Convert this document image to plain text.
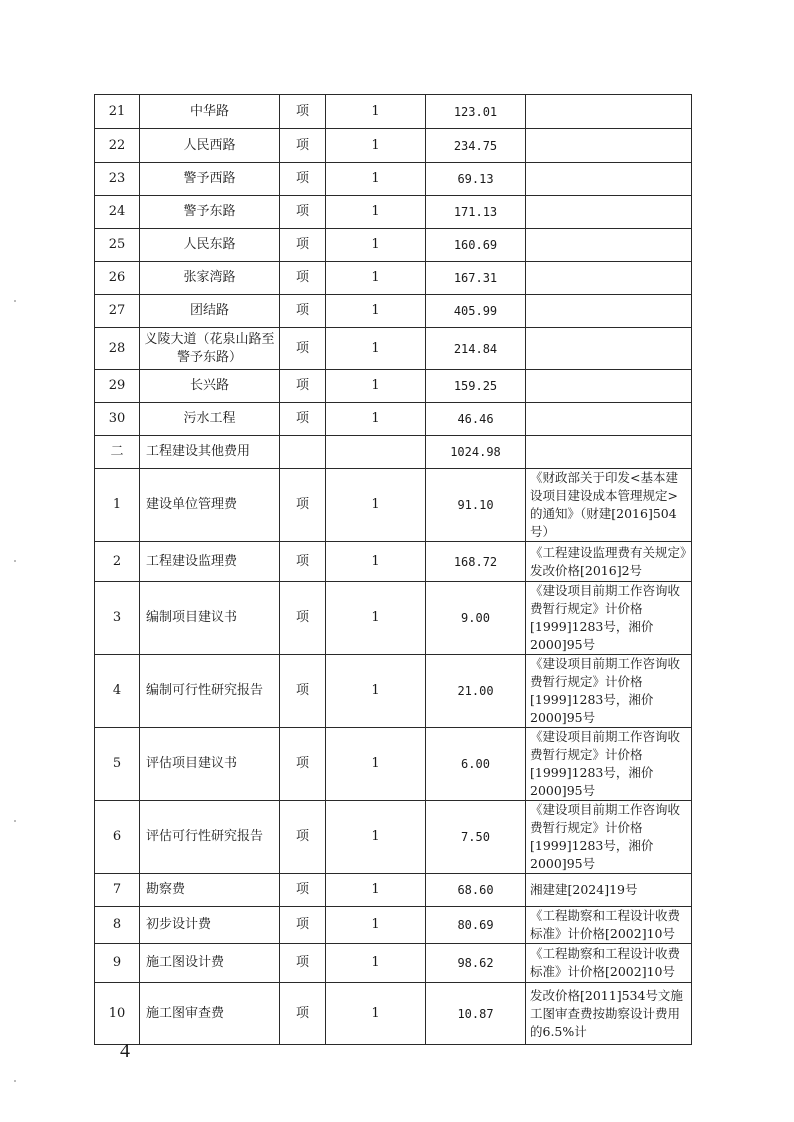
21	中华路	项	1	123.01	
22	人民西路	项	1	234.75	
23	警予西路	项	1	69.13	
24	警予东路	项	1	171.13	
25	人民东路	项	1	160.69	
26	张家湾路	项	1	167.31	
27	团结路	项	1	405.99	
28	义陵大道（花泉山路至警予东路）	项	1	214.84	
29	长兴路	项	1	159.25	
30	污水工程	项	1	46.46	
二	工程建设其他费用			1024.98	
1	建设单位管理费	项	1	91.10	《财政部关于印发<基本建设项目建设成本管理规定>的通知》（财建[2016]504号）
2	工程建设监理费	项	1	168.72	《工程建设监理费有关规定》发改价格[2016]2号
3	编制项目建议书	项	1	9.00	《建设项目前期工作咨询收费暂行规定》计价格[1999]1283号，湘价2000]95号
4	编制可行性研究报告	项	1	21.00	《建设项目前期工作咨询收费暂行规定》计价格[1999]1283号，湘价2000]95号
5	评估项目建议书	项	1	6.00	《建设项目前期工作咨询收费暂行规定》计价格[1999]1283号，湘价2000]95号
6	评估可行性研究报告	项	1	7.50	《建设项目前期工作咨询收费暂行规定》计价格[1999]1283号，湘价2000]95号
7	勘察费	项	1	68.60	湘建建[2024]19号
8	初步设计费	项	1	80.69	《工程勘察和工程设计收费标准》计价格[2002]10号
9	施工图设计费	项	1	98.62	《工程勘察和工程设计收费标准》计价格[2002]10号
10	施工图审查费	项	1	10.87	发改价格[2011]534号文施工图审查费按勘察设计费用的6.5%计
4
